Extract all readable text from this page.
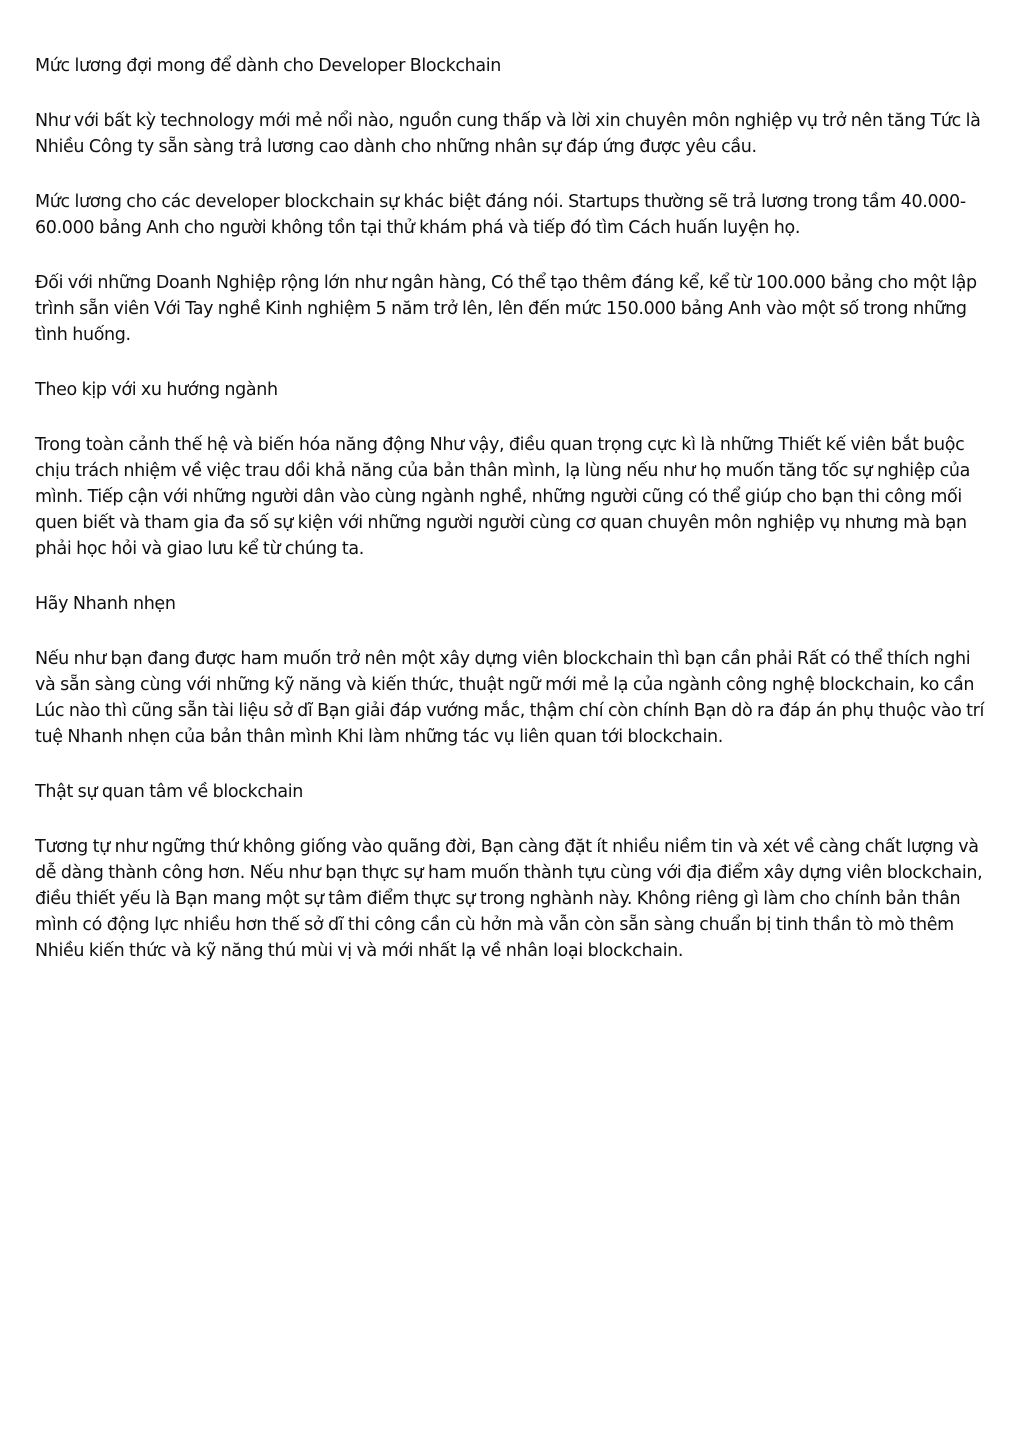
Mức lương đợi mong để dành cho Developer Blockchain

Như với bất kỳ technology mới mẻ nổi nào, nguồn cung thấp và lời xin chuyên môn nghiệp vụ trở nên tăng Tức là Nhiều Công ty sẵn sàng trả lương cao dành cho những nhân sự đáp ứng được yêu cầu.

Mức lương cho các developer blockchain sự khác biệt đáng nói. Startups thường sẽ trả lương trong tầm 40.000-60.000 bảng Anh cho người không tồn tại thử khám phá và tiếp đó tìm Cách huấn luyện họ.

Đối với những Doanh Nghiệp rộng lớn như ngân hàng, Có thể tạo thêm đáng kể, kể từ 100.000 bảng cho một lập trình sẵn viên Với Tay nghề Kinh nghiệm 5 năm trở lên, lên đến mức 150.000 bảng Anh vào một số trong những tình huống.

Theo kịp với xu hướng ngành

Trong toàn cảnh thế hệ và biến hóa năng động Như vậy, điều quan trọng cực kì là những Thiết kế viên bắt buộc chịu trách nhiệm về việc trau dồi khả năng của bản thân mình, lạ lùng nếu như họ muốn tăng tốc sự nghiệp của mình. Tiếp cận với những người dân vào cùng ngành nghề, những người cũng có thể giúp cho bạn thi công mối quen biết và tham gia đa số sự kiện với những người người cùng cơ quan chuyên môn nghiệp vụ nhưng mà bạn phải học hỏi và giao lưu kể từ chúng ta.

Hãy Nhanh nhẹn

Nếu như bạn đang được ham muốn trở nên một xây dựng viên blockchain thì bạn cần phải Rất có thể thích nghi và sẵn sàng cùng với những kỹ năng và kiến thức, thuật ngữ mới mẻ lạ của ngành công nghệ blockchain, ko cần Lúc nào thì cũng sẵn tài liệu sở dĩ Bạn giải đáp vướng mắc, thậm chí còn chính Bạn dò ra đáp án phụ thuộc vào trí tuệ Nhanh nhẹn của bản thân mình Khi làm những tác vụ liên quan tới blockchain.

Thật sự quan tâm về blockchain

Tương tự như ngững thứ không giống vào quãng đời, Bạn càng đặt ít nhiều niềm tin và xét về càng chất lượng và dễ dàng thành công hơn. Nếu như bạn thực sự ham muốn thành tựu cùng với địa điểm xây dựng viên blockchain, điều thiết yếu là Bạn mang một sự tâm điểm thực sự trong nghành này. Không riêng gì làm cho chính bản thân mình có động lực nhiều hơn thế sở dĩ thi công cần cù hởn mà vẫn còn sẵn sàng chuẩn bị tinh thần tò mò thêm Nhiều kiến thức và kỹ năng thú mùi vị và mới nhất lạ về nhân loại blockchain.
